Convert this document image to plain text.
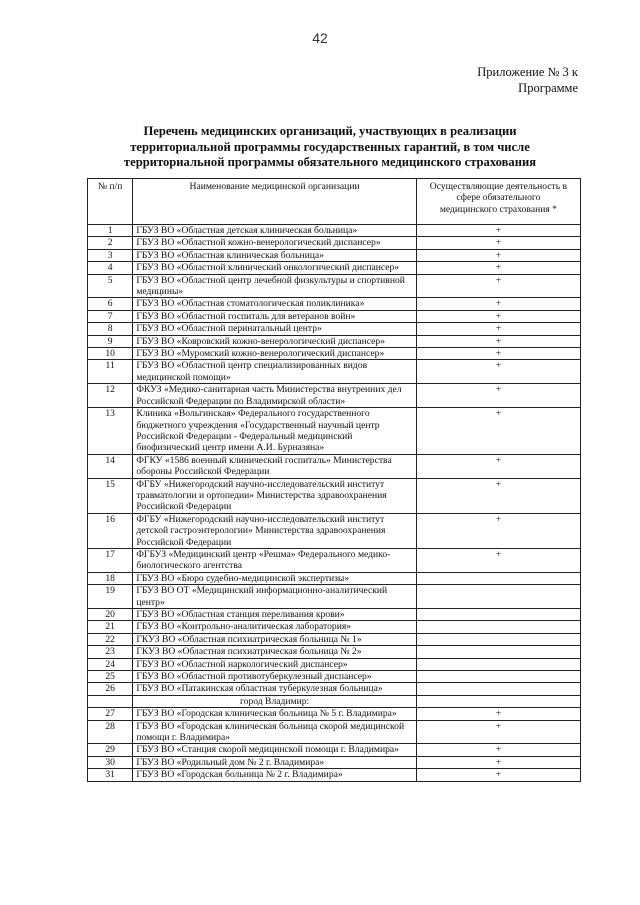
42
Приложение № 3 к
Программе
Перечень медицинских организаций, участвующих в реализации
территориальной программы государственных гарантий, в том числе
территориальной программы обязательного медицинского страхования
№ п/п	Наименование медицинской организации	Осуществляющие деятельность в
сфере обязательного
медицинского страхования *

1	ГБУЗ ВО «Областная детская клиническая больница»	+
2	ГБУЗ ВО «Областной кожно-венерологический диспансер»	+
3	ГБУЗ ВО «Областная клиническая больница»	+
4	ГБУЗ ВО «Областной клинический онкологический диспансер»	+
5	ГБУЗ ВО «Областной центр лечебной физкультуры и спортивной медицины»	+
6	ГБУЗ ВО «Областная стоматологическая поликлиника»	+
7	ГБУЗ ВО «Областной госпиталь для ветеранов войн»	+
8	ГБУЗ ВО «Областной перинатальный центр»	+
9	ГБУЗ ВО «Ковровский кожно-венерологический диспансер»	+
10	ГБУЗ ВО «Муромский кожно-венерологический диспансер»	+
11	ГБУЗ ВО «Областной центр специализированных видов медицинской помощи»	+
12	ФКУЗ «Медико-санитарная часть Министерства внутренних дел Российской Федерации по Владимирской области»	+
13	Клиника «Вольгинская» Федерального государственного бюджетного учреждения «Государственный научный центр Российской Федерации - Федеральный медицинский биофизический центр имени А.И. Бурназяна»	+
14	ФГКУ «1586 военный клинический госпиталь» Министерства обороны Российской Федерации	+
15	ФГБУ «Нижегородский научно-исследовательский институт травматологии и ортопедии» Министерства здравоохранения Российской Федерации	+
16	ФГБУ «Нижегородский научно-исследовательский институт детской гастроэнтерологии» Министерства здравоохранения Российской Федерации	+
17	ФГБУЗ «Медицинский центр «Решма» Федерального медико-биологического агентства	+
18	ГБУЗ ВО «Бюро судебно-медицинской экспертизы»	
19	ГБУЗ ВО ОТ «Медицинский информационно-аналитический центр»	
20	ГБУЗ ВО «Областная станция переливания крови»	
21	ГБУЗ ВО «Контрольно-аналитическая лаборатория»	
22	ГКУЗ ВО «Областная психиатрическая больница № 1»	
23	ГКУЗ ВО «Областная психиатрическая больница № 2»	
24	ГБУЗ ВО «Областной наркологический диспансер»	
25	ГБУЗ ВО «Областной противотуберкулезный диспансер»	
26	ГБУЗ ВО «Патакинская областная туберкулезная больница»	
	город Владимир:	
27	ГБУЗ ВО «Городская клиническая больница № 5 г. Владимира»	+
28	ГБУЗ ВО «Городская клиническая больница скорой медицинской помощи г. Владимира»	+
29	ГБУЗ ВО «Станция скорой медицинской помощи г. Владимира»	+
30	ГБУЗ ВО «Родильный дом № 2 г. Владимира»	+
31	ГБУЗ ВО «Городская больница № 2 г. Владимира»	+
